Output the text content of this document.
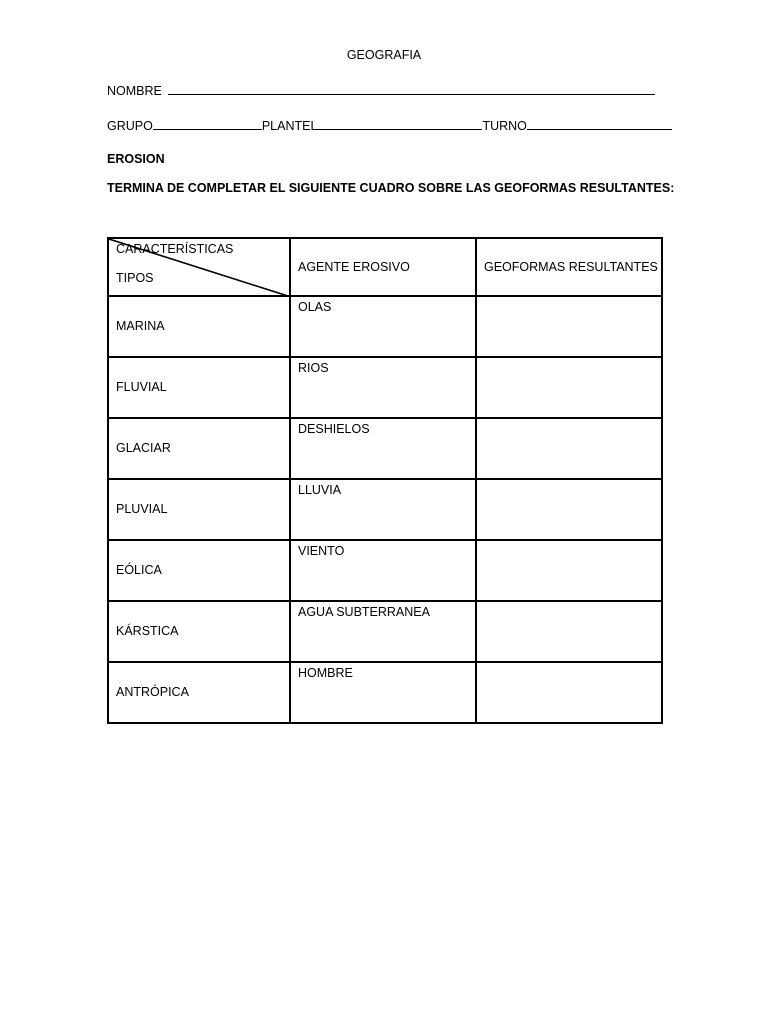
GEOGRAFIA
NOMBRE
GRUPO	PLANTEL	TURNO
EROSION
TERMINA DE COMPLETAR EL SIGUIENTE CUADRO SOBRE LAS GEOFORMAS RESULTANTES:
CARACTERÍSTICAS
TIPOS	AGENTE EROSIVO	GEOFORMAS RESULTANTES
MARINA	OLAS	
FLUVIAL	RIOS	
GLACIAR	DESHIELOS	
PLUVIAL	LLUVIA	
EÓLICA	VIENTO	
KÁRSTICA	AGUA SUBTERRANEA	
ANTRÓPICA	HOMBRE	
